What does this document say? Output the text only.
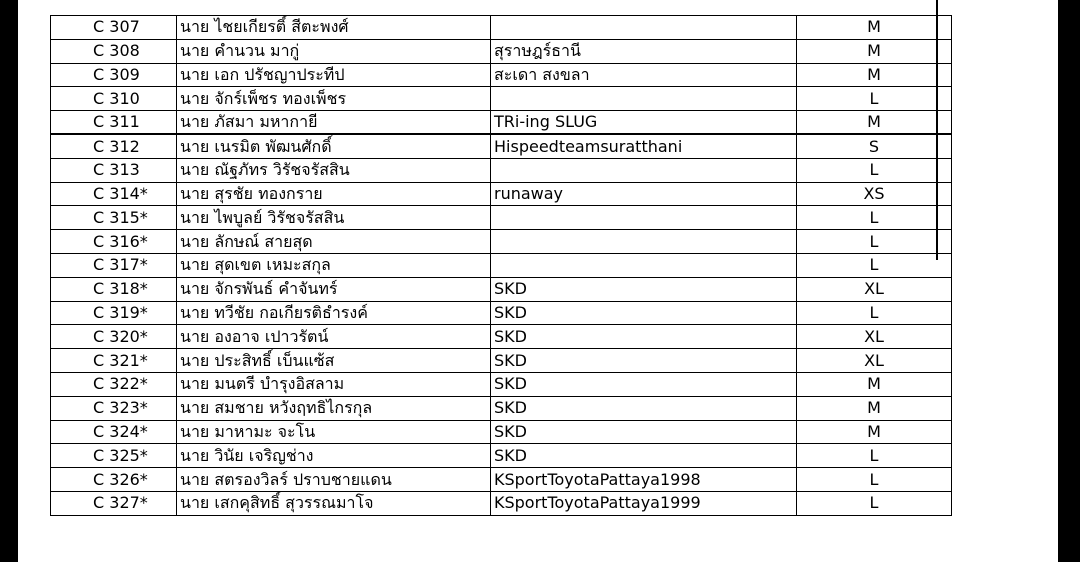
C 307	นาย ไชยเกียรติ์ สีตะพงศ์		M
C 308	นาย คำนวน มากู่	สุราษฎร์ธานี	M
C 309	นาย เอก ปรัชญาประทีป	สะเดา สงขลา	M
C 310	นาย จักร์เพ็ชร ทองเพ็ชร		L
C 311	นาย ภัสมา มหากายี	TRi-ing SLUG	M
C 312	นาย เนรมิต พัฒนศักดิ์	Hispeedteamsuratthani	S
C 313	นาย ณัฐภัทร วิรัชจรัสสิน		L
C 314*	นาย สุรชัย ทองกราย	runaway	XS
C 315*	นาย ไพบูลย์ วิรัชจรัสสิน		L
C 316*	นาย ลักษณ์ สายสุด		L
C 317*	นาย สุดเขต เหมะสกุล		L
C 318*	นาย จักรพันธ์ คำจันทร์	SKD	XL
C 319*	นาย ทวีชัย กอเกียรติธำรงค์	SKD	L
C 320*	นาย องอาจ เปาวรัตน์	SKD	XL
C 321*	นาย ประสิทธิ์ เบ็นแซ้ส	SKD	XL
C 322*	นาย มนตรี บำรุงอิสลาม	SKD	M
C 323*	นาย สมชาย หวังฤทธิไกรกุล	SKD	M
C 324*	นาย มาหามะ จะโน	SKD	M
C 325*	นาย วินัย เจริญช่าง	SKD	L
C 326*	นาย สตรองวิลร์ ปราบชายแดน	KSportToyotaPattaya1998	L
C 327*	นาย เสกคุสิทธิ์ สุวรรณมาโจ	KSportToyotaPattaya1999	L
